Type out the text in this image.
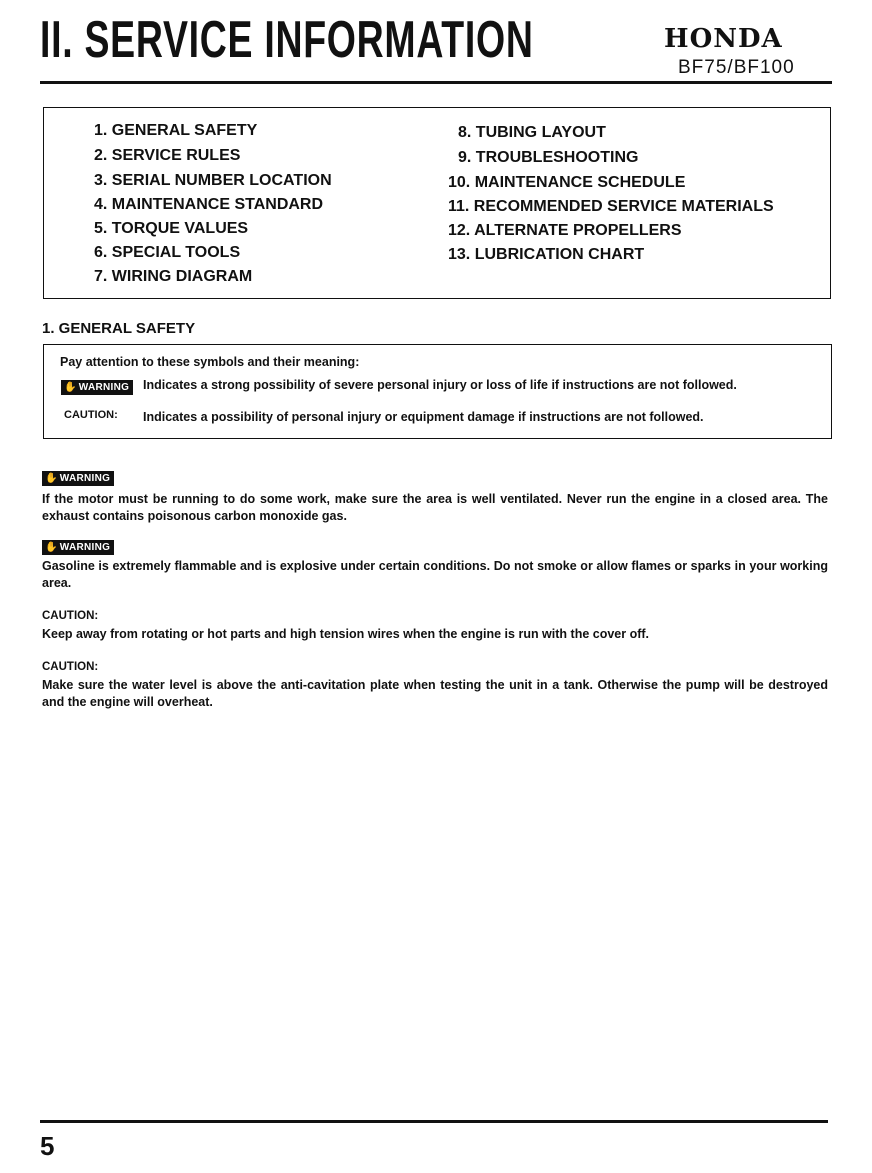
II. SERVICE INFORMATION	HONDA
BF75/BF100
1. GENERAL SAFETY
2. SERVICE RULES
3. SERIAL NUMBER LOCATION
4. MAINTENANCE STANDARD
5. TORQUE VALUES
6. SPECIAL TOOLS
7. WIRING DIAGRAM
8. TUBING LAYOUT
9. TROUBLESHOOTING
10. MAINTENANCE SCHEDULE
11. RECOMMENDED SERVICE MATERIALS
12. ALTERNATE PROPELLERS
13. LUBRICATION CHART
1. GENERAL SAFETY
Pay attention to these symbols and their meaning:
✋ WARNING	Indicates a strong possibility of severe personal injury or loss of life if instructions are not followed.
CAUTION: Indicates a possibility of personal injury or equipment damage if instructions are not followed.
✋ WARNING
If the motor must be running to do some work, make sure the area is well ventilated. Never run the engine in a closed area. The exhaust contains poisonous carbon monoxide gas.
✋ WARNING
Gasoline is extremely flammable and is explosive under certain conditions. Do not smoke or allow flames or sparks in your working area.
CAUTION:
Keep away from rotating or hot parts and high tension wires when the engine is run with the cover off.
CAUTION:
Make sure the water level is above the anti-cavitation plate when testing the unit in a tank. Otherwise the pump will be destroyed and the engine will overheat.
5
